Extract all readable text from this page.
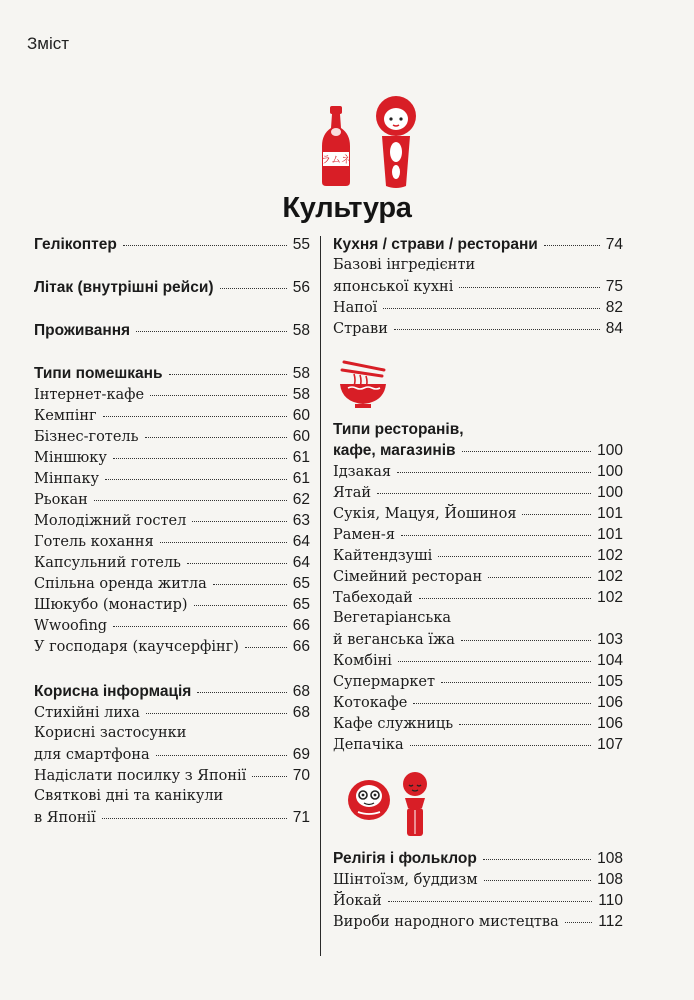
Зміст
ラムネ
Культура
Гелікоптер	55
Літак (внутрішні рейси)	56
Проживання	58
Типи помешкань	58
Інтернет-кафе	58
Кемпінг	60
Бізнес-готель	60
Міншюку	61
Мінпаку	61
Рьокан	62
Молодіжний гостел	63
Готель кохання	64
Капсульний готель	64
Спільна оренда житла	65
Шюкубо (монастир)	65
Wwoofing	66
У господаря (каучсерфінг)	66
Корисна інформація	68
Стихійні лиха	68
Корисні застосунки
для смартфона	69
Надіслати посилку з Японії	70
Святкові дні та канікули
в Японії	71
Кухня / страви / ресторани	74
Базові інгредієнти
японської кухні	75
Напої	82
Страви	84
Типи ресторанів,
кафе, магазинів	100
Ідзакая	100
Ятай	100
Сукія, Мацуя, Йошиноя	101
Рамен-я	101
Кайтендзуші	102
Сімейний ресторан	102
Табеходай	102
Вегетаріанська
й веганська їжа	103
Комбіні	104
Супермаркет	105
Котокафе	106
Кафе служниць	106
Депачіка	107
Релігія і фольклор	108
Шінтоїзм, буддизм	108
Йокай	110
Вироби народного мистецтва	112
